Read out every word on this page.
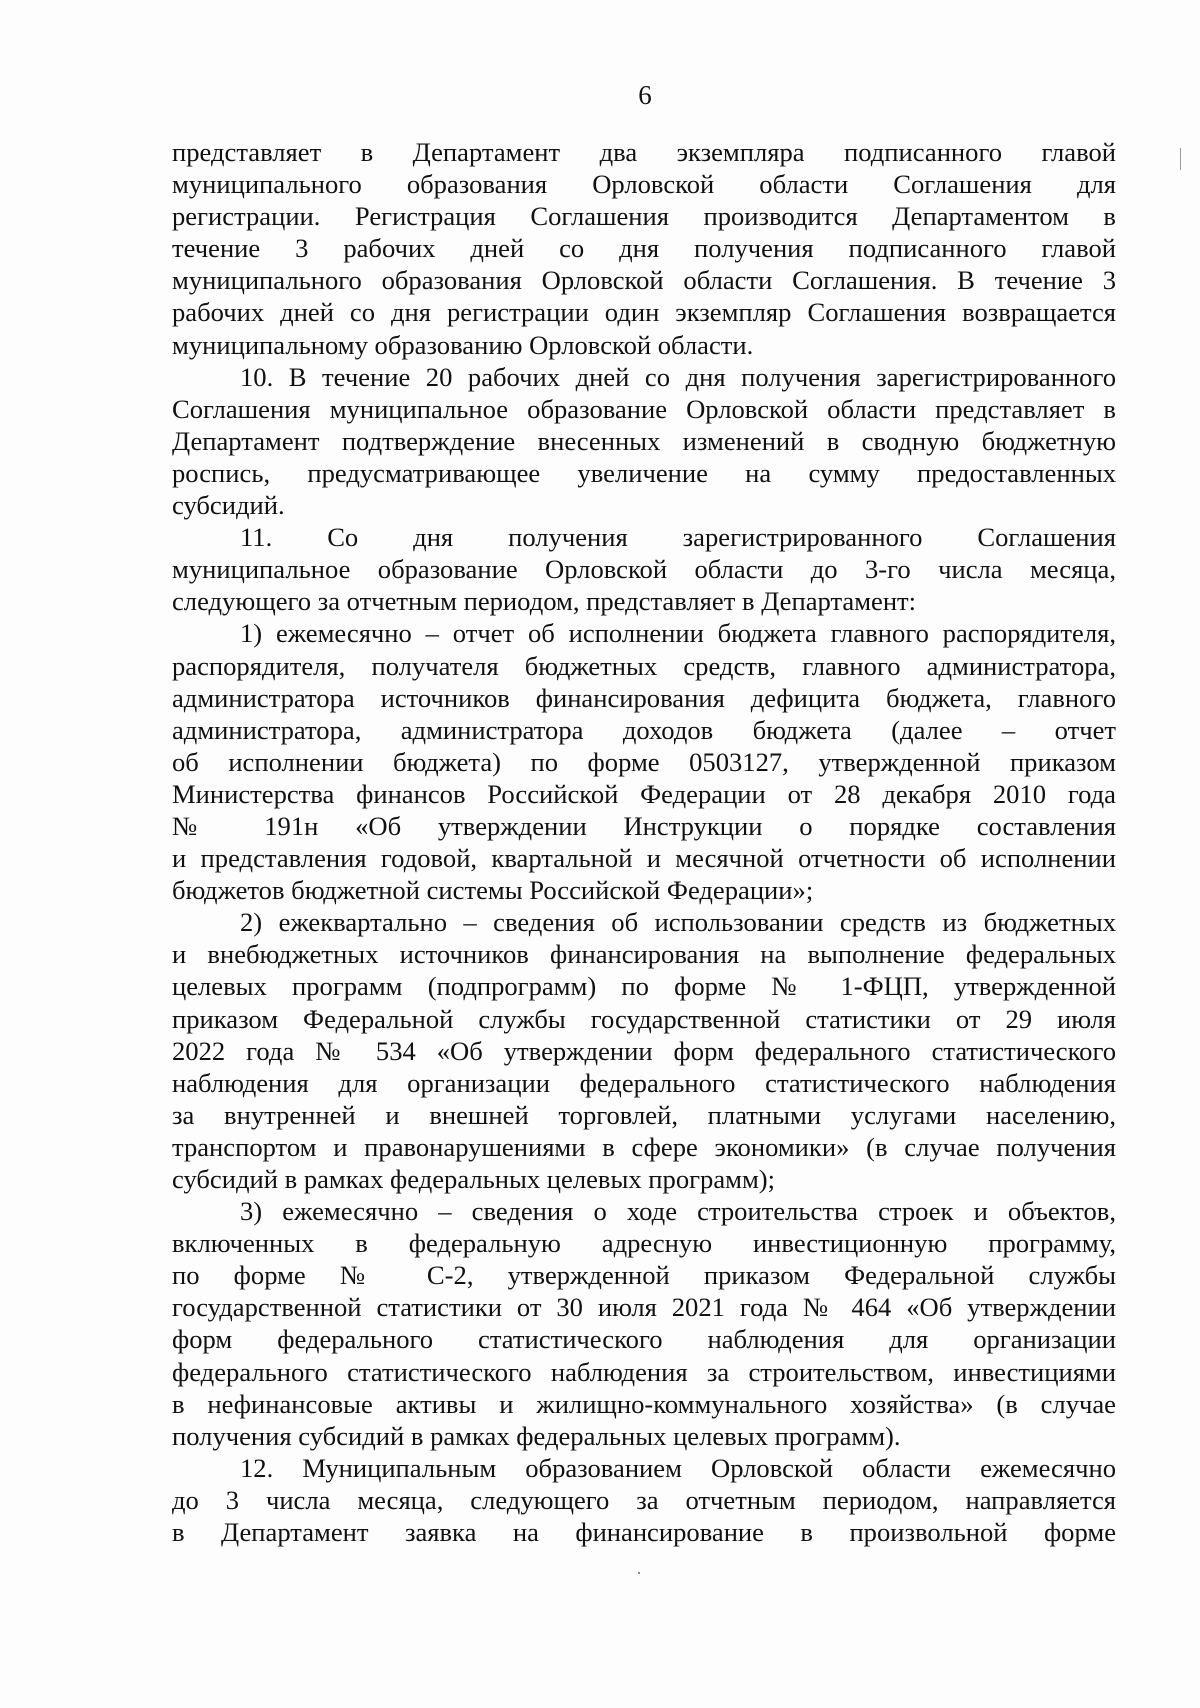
6
представляет в Департамент два экземпляра подписанного главой
муниципального образования Орловской области Соглашения для
регистрации. Регистрация Соглашения производится Департаментом в
течение 3 рабочих дней со дня получения подписанного главой
муниципального образования Орловской области Соглашения. В течение 3
рабочих дней со дня регистрации один экземпляр Соглашения возвращается
муниципальному образованию Орловской области.
10. В течение 20 рабочих дней со дня получения зарегистрированного
Соглашения муниципальное образование Орловской области представляет в
Департамент подтверждение внесенных изменений в сводную бюджетную
роспись, предусматривающее увеличение на сумму предоставленных
субсидий.
11. Со дня получения зарегистрированного Соглашения
муниципальное образование Орловской области до 3-го числа месяца,
следующего за отчетным периодом, представляет в Департамент:
1) ежемесячно – отчет об исполнении бюджета главного распорядителя,
распорядителя, получателя бюджетных средств, главного администратора,
администратора источников финансирования дефицита бюджета, главного
администратора, администратора доходов бюджета (далее – отчет
об исполнении бюджета) по форме 0503127, утвержденной приказом
Министерства финансов Российской Федерации от 28 декабря 2010 года
№ 191н «Об утверждении Инструкции о порядке составления
и представления годовой, квартальной и месячной отчетности об исполнении
бюджетов бюджетной системы Российской Федерации»;
2) ежеквартально – сведения об использовании средств из бюджетных
и внебюджетных источников финансирования на выполнение федеральных
целевых программ (подпрограмм) по форме № 1-ФЦП, утвержденной
приказом Федеральной службы государственной статистики от 29 июля
2022 года № 534 «Об утверждении форм федерального статистического
наблюдения для организации федерального статистического наблюдения
за внутренней и внешней торговлей, платными услугами населению,
транспортом и правонарушениями в сфере экономики» (в случае получения
субсидий в рамках федеральных целевых программ);
3) ежемесячно – сведения о ходе строительства строек и объектов,
включенных в федеральную адресную инвестиционную программу,
по форме № С-2, утвержденной приказом Федеральной службы
государственной статистики от 30 июля 2021 года № 464 «Об утверждении
форм федерального статистического наблюдения для организации
федерального статистического наблюдения за строительством, инвестициями
в нефинансовые активы и жилищно-коммунального хозяйства» (в случае
получения субсидий в рамках федеральных целевых программ).
12. Муниципальным образованием Орловской области ежемесячно
до 3 числа месяца, следующего за отчетным периодом, направляется
в Департамент заявка на финансирование в произвольной форме
